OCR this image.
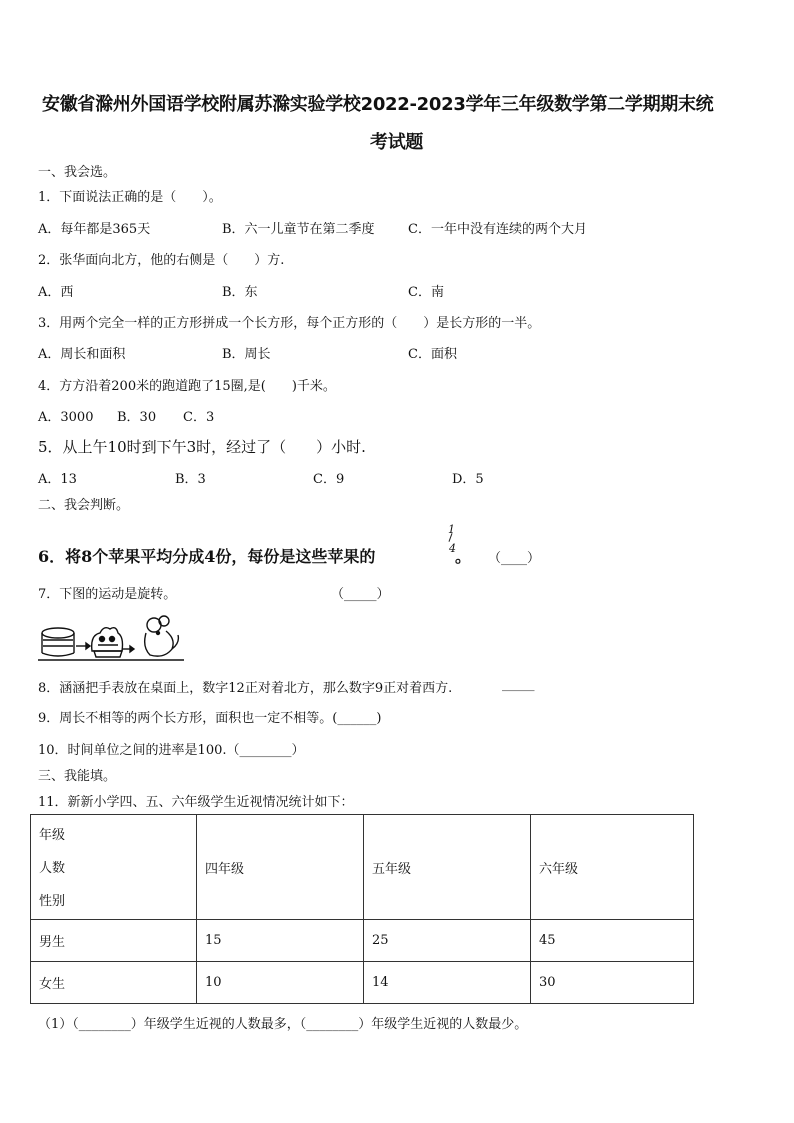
安徽省滁州外国语学校附属苏滁实验学校2022-2023学年三年级数学第二学期期末统
考试题
一、我会选。
1．下面说法正确的是（　　）。
A．每年都是365天	B．六一儿童节在第二季度	C．一年中没有连续的两个大月
2．张华面向北方，他的右侧是（　　）方.
A．西	B．东	C．南
3．用两个完全一样的正方形拼成一个长方形，每个正方形的（　　）是长方形的一半。
A．周长和面积	B．周长	C．面积
4．方方沿着200米的跑道跑了15圈,是(　　)千米。
A．3000 B．30 C．3
5．从上午10时到下午3时，经过了（　　）小时.
A．13	B．3	C．9	D．5
二、我会判断。
6．将8个苹果平均分成4份，每份是这些苹果的
1
4 。 （____）
7．下图的运动是旋转。	（_____）
8．涵涵把手表放在桌面上，数字12正对着北方，那么数字9正对着西方.	_____
9．周长不相等的两个长方形，面积也一定不相等。(______)
10．时间单位之间的进率是100.（________）
三、我能填。
11．新新小学四、五、六年级学生近视情况统计如下：
年级
人数
性别	四年级	五年级	六年级
男生	15	25	45
女生	10	14	30
（1）（________）年级学生近视的人数最多，（________）年级学生近视的人数最少。
